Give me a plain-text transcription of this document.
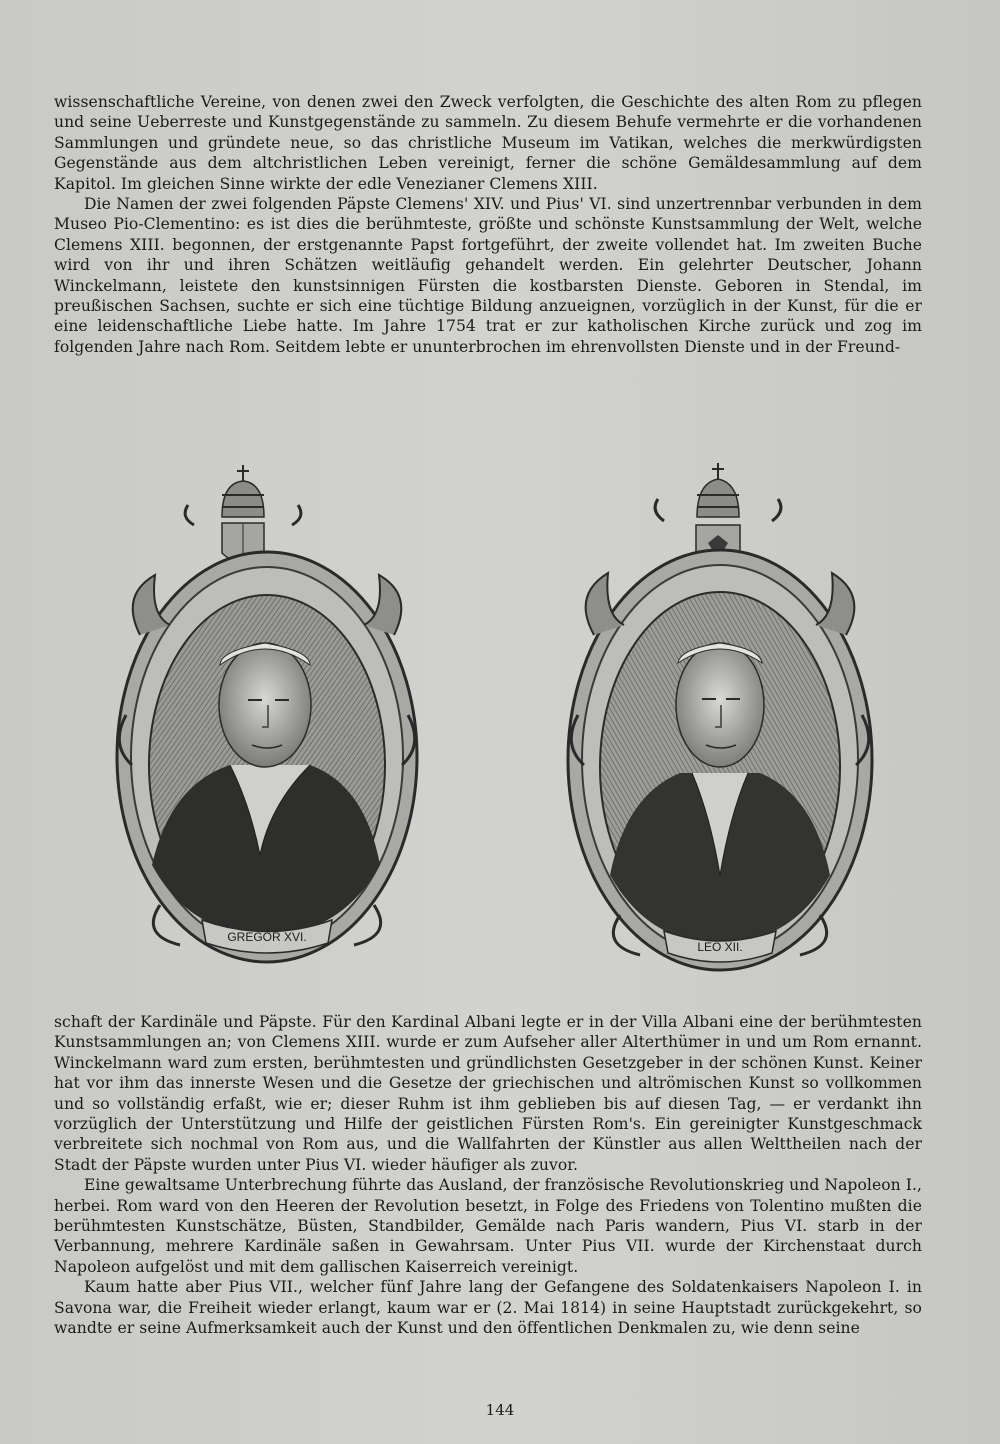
wissenschaftliche Vereine, von denen zwei den Zweck verfolgten, die Geschichte des alten Rom zu pflegen und seine Ueberreste und Kunstgegenstände zu sammeln. Zu diesem Behufe vermehrte er die vorhandenen Sammlungen und gründete neue, so das christliche Museum im Vatikan, welches die merkwürdigsten Gegenstände aus dem altchristlichen Leben vereinigt, ferner die schöne Gemäldesammlung auf dem Kapitol. Im gleichen Sinne wirkte der edle Venezianer Clemens XIII.

Die Namen der zwei folgenden Päpste Clemens' XIV. und Pius' VI. sind unzertrennbar verbunden in dem Museo Pio-Clementino: es ist dies die berühmteste, größte und schönste Kunstsammlung der Welt, welche Clemens XIII. begonnen, der erstgenannte Papst fortgeführt, der zweite vollendet hat. Im zweiten Buche wird von ihr und ihren Schätzen weitläufig gehandelt werden. Ein gelehrter Deutscher, Johann Winckelmann, leistete den kunstsinnigen Fürsten die kostbarsten Dienste. Geboren in Stendal, im preußischen Sachsen, suchte er sich eine tüchtige Bildung anzueignen, vorzüglich in der Kunst, für die er eine leidenschaftliche Liebe hatte. Im Jahre 1754 trat er zur katholischen Kirche zurück und zog im folgenden Jahre nach Rom. Seitdem lebte er ununterbrochen im ehrenvollsten Dienste und in der Freund-

GREGOR XVI.
LEO XII.

schaft der Kardinäle und Päpste. Für den Kardinal Albani legte er in der Villa Albani eine der berühmtesten Kunstsammlungen an; von Clemens XIII. wurde er zum Aufseher aller Alterthümer in und um Rom ernannt. Winckelmann ward zum ersten, berühmtesten und gründlichsten Gesetzgeber in der schönen Kunst. Keiner hat vor ihm das innerste Wesen und die Gesetze der griechischen und altrömischen Kunst so vollkommen und so vollständig erfaßt, wie er; dieser Ruhm ist ihm geblieben bis auf diesen Tag, — er verdankt ihn vorzüglich der Unterstützung und Hilfe der geistlichen Fürsten Rom's. Ein gereinigter Kunstgeschmack verbreitete sich nochmal von Rom aus, und die Wallfahrten der Künstler aus allen Welttheilen nach der Stadt der Päpste wurden unter Pius VI. wieder häufiger als zuvor.

Eine gewaltsame Unterbrechung führte das Ausland, der französische Revolutionskrieg und Napoleon I., herbei. Rom ward von den Heeren der Revolution besetzt, in Folge des Friedens von Tolentino mußten die berühmtesten Kunstschätze, Büsten, Standbilder, Gemälde nach Paris wandern, Pius VI. starb in der Verbannung, mehrere Kardinäle saßen in Gewahrsam. Unter Pius VII. wurde der Kirchenstaat durch Napoleon aufgelöst und mit dem gallischen Kaiserreich vereinigt.

Kaum hatte aber Pius VII., welcher fünf Jahre lang der Gefangene des Soldatenkaisers Napoleon I. in Savona war, die Freiheit wieder erlangt, kaum war er (2. Mai 1814) in seine Hauptstadt zurückgekehrt, so wandte er seine Aufmerksamkeit auch der Kunst und den öffentlichen Denkmalen zu, wie denn seine

144
